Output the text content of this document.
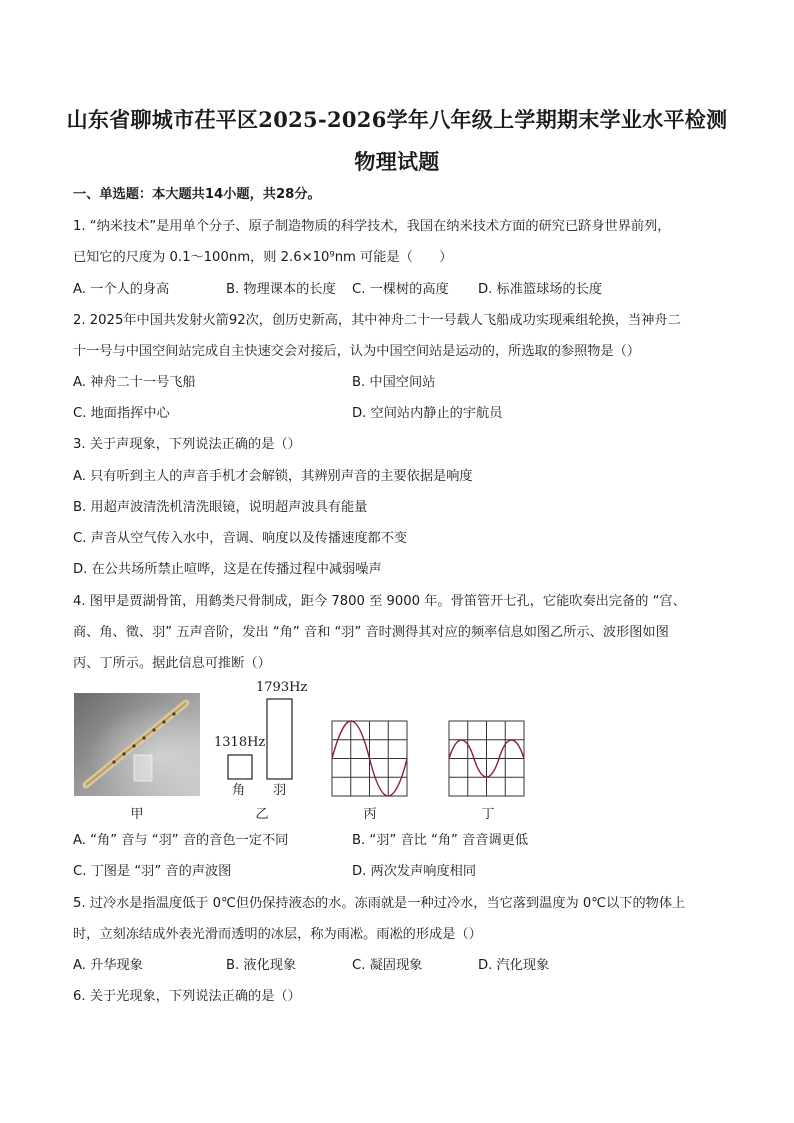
山东省聊城市茌平区2025-2026学年八年级上学期期末学业水平检测
物理试题
一、单选题：本大题共14小题，共28分。
1. “纳米技术”是用单个分子、原子制造物质的科学技术，我国在纳米技术方面的研究已跻身世界前列，
已知它的尺度为 0.1～100nm，则 2.6×10⁹nm 可能是（　　）
A. 一个人的身高	B. 物理课本的长度 C. 一棵树的高度 D. 标准篮球场的长度
2. 2025年中国共发射火箭92次，创历史新高，其中神舟二十一号载人飞船成功实现乘组轮换，当神舟二
十一号与中国空间站完成自主快速交会对接后，认为中国空间站是运动的，所选取的参照物是（）
A. 神舟二十一号飞船	B. 中国空间站
C. 地面指挥中心	D. 空间站内静止的宇航员
3. 关于声现象，下列说法正确的是（）
A. 只有听到主人的声音手机才会解锁，其辨别声音的主要依据是响度
B. 用超声波清洗机清洗眼镜，说明超声波具有能量
C. 声音从空气传入水中，音调、响度以及传播速度都不变
D. 在公共场所禁止喧哗，这是在传播过程中减弱噪声
4. 图甲是贾湖骨笛，用鹤类尺骨制成，距今 7800 至 9000 年。骨笛管开七孔，它能吹奏出完备的 “宫、
商、角、徵、羽” 五声音阶，发出 “角” 音和 “羽” 音时测得其对应的频率信息如图乙所示、波形图如图
丙、丁所示。据此信息可推断（）
甲
1793Hz
1318Hz
角 羽
乙	丙	丁
A. “角” 音与 “羽” 音的音色一定不同	B. “羽” 音比 “角” 音音调更低
C. 丁图是 “羽” 音的声波图	D. 两次发声响度相同
5. 过冷水是指温度低于 0℃但仍保持液态的水。冻雨就是一种过冷水，当它落到温度为 0℃以下的物体上
时，立刻冻结成外表光滑而透明的冰层，称为雨凇。雨凇的形成是（）
A. 升华现象	B. 液化现象	C. 凝固现象	D. 汽化现象
6. 关于光现象，下列说法正确的是（）
